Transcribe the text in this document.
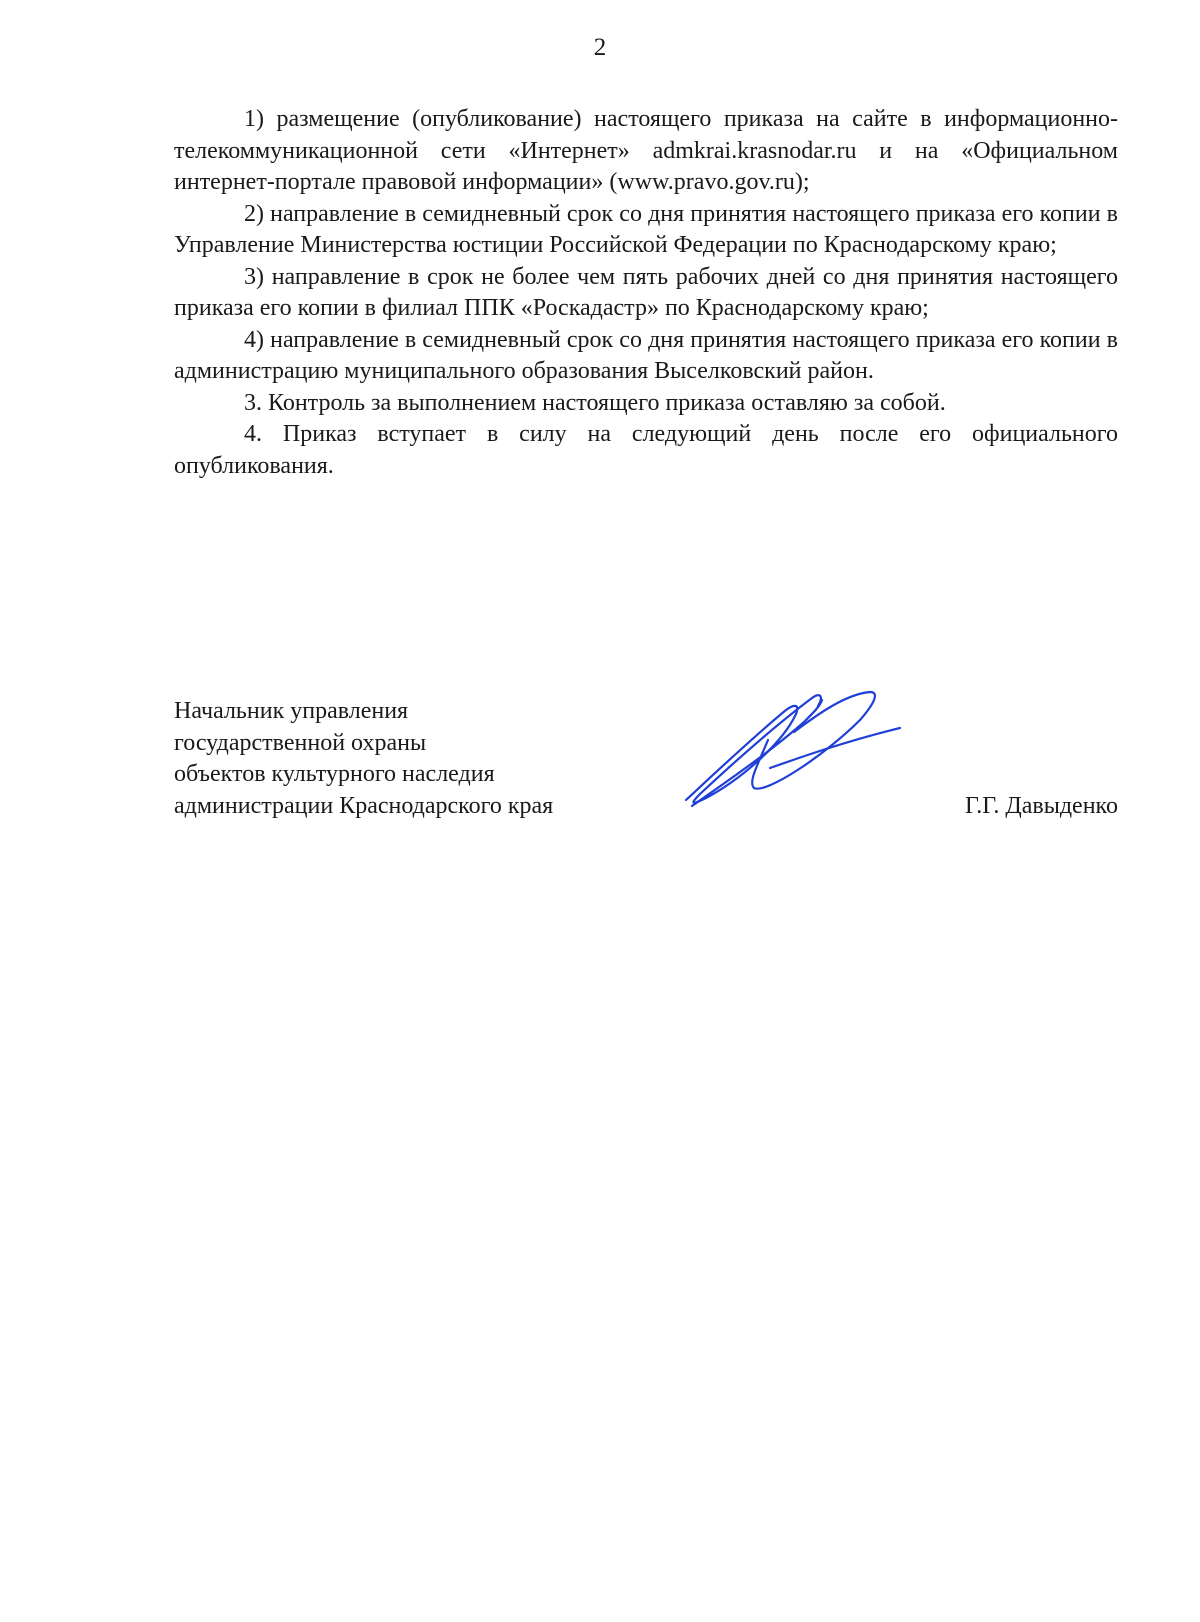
2

1) размещение (опубликование) настоящего приказа на сайте в информационно-телекоммуникационной сети «Интернет» admkrai.krasnodar.ru и на «Официальном интернет-портале правовой информации» (www.pravo.gov.ru);

2) направление в семидневный срок со дня принятия настоящего приказа его копии в Управление Министерства юстиции Российской Федерации по Краснодарскому краю;

3) направление в срок не более чем пять рабочих дней со дня принятия настоящего приказа его копии в филиал ППК «Роскадастр» по Краснодарскому краю;

4) направление в семидневный срок со дня принятия настоящего приказа его копии в администрацию муниципального образования Выселковский район.

3. Контроль за выполнением настоящего приказа оставляю за собой.

4. Приказ вступает в силу на следующий день после его официального опубликования.

Начальник управления
государственной охраны
объектов культурного наследия
администрации Краснодарского края	Г.Г. Давыденко
